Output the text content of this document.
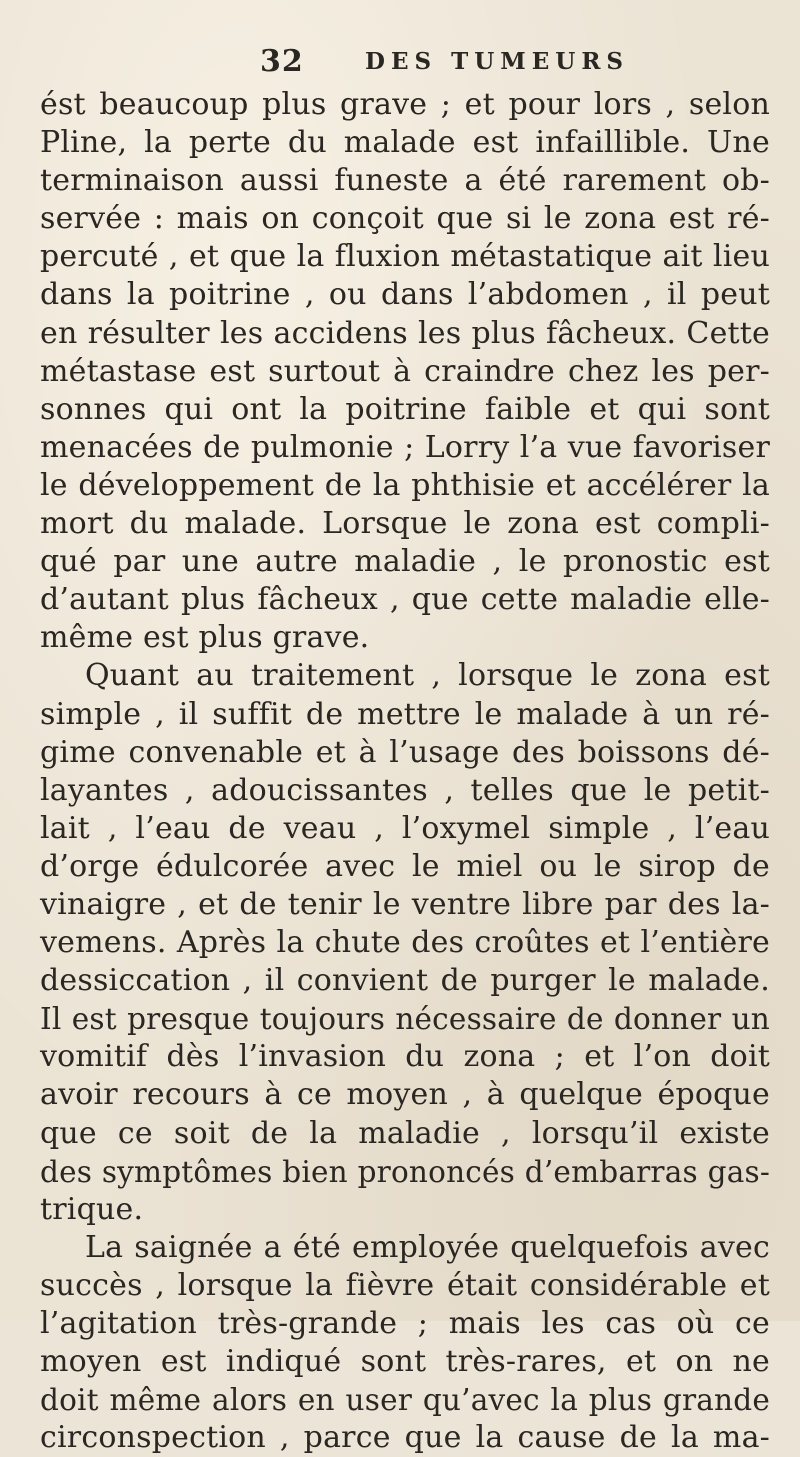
32	DES TUMEURS
ést beaucoup plus grave ; et pour lors , selon
Pline, la perte du malade est infaillible. Une
terminaison aussi funeste a été rarement ob-
servée : mais on conçoit que si le zona est ré-
percuté , et que la fluxion métastatique ait lieu
dans la poitrine , ou dans l’abdomen , il peut
en résulter les accidens les plus fâcheux. Cette
métastase est surtout à craindre chez les per-
sonnes qui ont la poitrine faible et qui sont
menacées de pulmonie ; Lorry l’a vue favoriser
le développement de la phthisie et accélérer la
mort du malade. Lorsque le zona est compli-
qué par une autre maladie , le pronostic est
d’autant plus fâcheux , que cette maladie elle-
même est plus grave.
Quant au traitement , lorsque le zona est
simple , il suffit de mettre le malade à un ré-
gime convenable et à l’usage des boissons dé-
layantes , adoucissantes , telles que le petit-
lait , l’eau de veau , l’oxymel simple , l’eau
d’orge édulcorée avec le miel ou le sirop de
vinaigre , et de tenir le ventre libre par des la-
vemens. Après la chute des croûtes et l’entière
dessiccation , il convient de purger le malade.
Il est presque toujours nécessaire de donner un
vomitif dès l’invasion du zona ; et l’on doit
avoir recours à ce moyen , à quelque époque
que ce soit de la maladie , lorsqu’il existe
des symptômes bien prononcés d’embarras gas-
trique.
La saignée a été employée quelquefois avec
succès , lorsque la fièvre était considérable et
l’agitation très-grande ; mais les cas où ce
moyen est indiqué sont très-rares, et on ne
doit même alors en user qu’avec la plus grande
circonspection , parce que la cause de la ma-
